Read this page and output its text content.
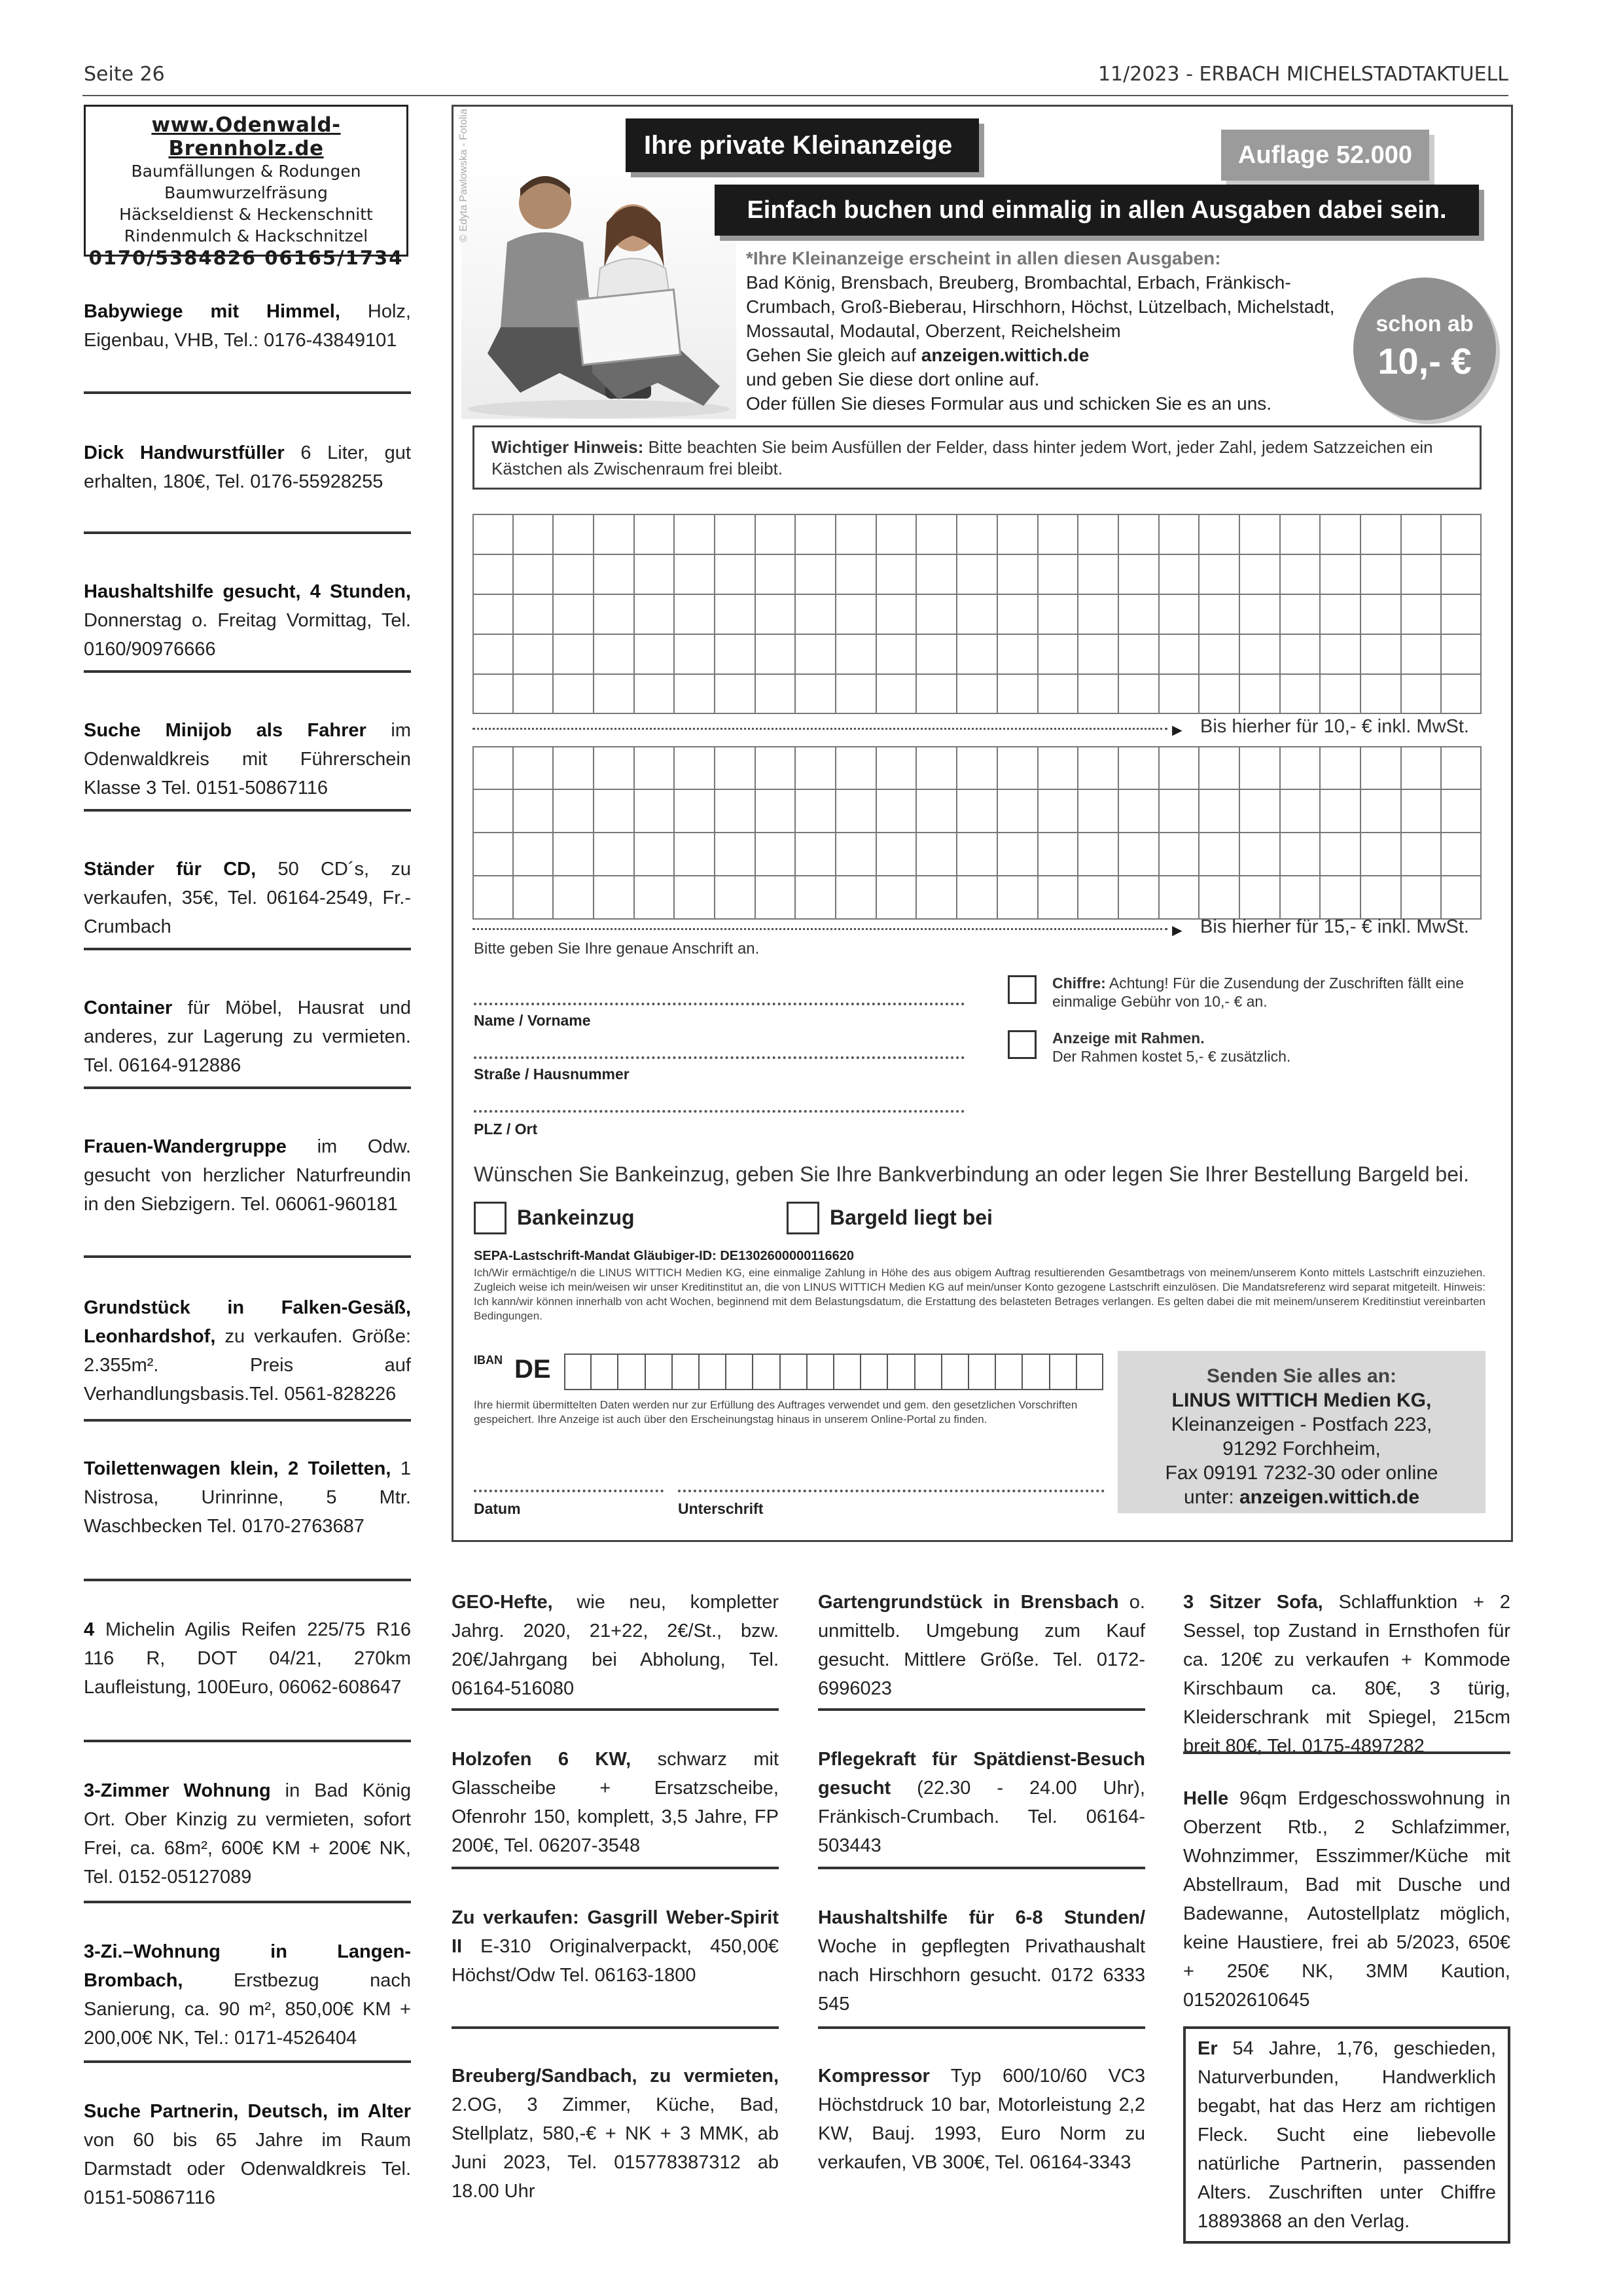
Seite 26	11/2023 - ERBACH MICHELSTADTAKTUELL
www.Odenwald-Brennholz.de
Baumfällungen & Rodungen
Baumwurzelfräsung
Häckseldienst & Heckenschnitt
Rindenmulch & Hackschnitzel
0170/5384826 06165/1734
Babywiege mit Himmel, Holz, Eigenbau, VHB, Tel.: 0176-43849101
Dick Handwurstfüller 6 Liter, gut erhalten, 180€, Tel. 0176-55928255
Haushaltshilfe gesucht, 4 Stunden, Donnerstag o. Freitag Vormittag, Tel. 0160/90976666
Suche Minijob als Fahrer im Odenwaldkreis mit Führerschein Klasse 3 Tel. 0151-50867116
Ständer für CD, 50 CD´s, zu verkaufen, 35€, Tel. 06164-2549, Fr.-Crumbach
Container für Möbel, Hausrat und anderes, zur Lagerung zu vermieten. Tel. 06164-912886
Frauen-Wandergruppe im Odw. gesucht von herzlicher Naturfreundin in den Siebzigern. Tel. 06061-960181
Grundstück in Falken-Gesäß, Leonhardshof, zu verkaufen. Größe: 2.355m². Preis auf Verhandlungsbasis.Tel. 0561-828226
Toilettenwagen klein, 2 Toiletten, 1 Nistrosa, Urinrinne, 5 Mtr. Waschbecken Tel. 0170-2763687
4 Michelin Agilis Reifen 225/75 R16 116 R, DOT 04/21, 270km Laufleistung, 100Euro, 06062-608647
3-Zimmer Wohnung in Bad König Ort. Ober Kinzig zu vermieten, sofort Frei, ca. 68m², 600€ KM + 200€ NK, Tel. 0152-05127089
3-Zi.–Wohnung in Langen-Brombach, Erstbezug nach Sanierung, ca. 90 m², 850,00€ KM + 200,00€ NK, Tel.: 0171-4526404
Suche Partnerin, Deutsch, im Alter von 60 bis 65 Jahre im Raum Darmstadt oder Odenwaldkreis Tel. 0151-50867116
© Edyta Pawlowska - Fotolia	Ihre private Kleinanzeige	Auflage 52.000
Einfach buchen und einmalig in allen Ausgaben dabei sein.
*Ihre Kleinanzeige erscheint in allen diesen Ausgaben:
Bad König, Brensbach, Breuberg, Brombachtal, Erbach, Fränkisch-Crumbach, Groß-Bieberau, Hirschhorn, Höchst, Lützelbach, Michelstadt, Mossautal, Modautal, Oberzent, Reichelsheim
Gehen Sie gleich auf anzeigen.wittich.de
und geben Sie diese dort online auf.
Oder füllen Sie dieses Formular aus und schicken Sie es an uns.
schon ab
10,- €
Wichtiger Hinweis: Bitte beachten Sie beim Ausfüllen der Felder, dass hinter jedem Wort, jeder Zahl, jedem Satzzeichen ein Kästchen als Zwischenraum frei bleibt.
► Bis hierher für 10,- € inkl. MwSt.
► Bis hierher für 15,- € inkl. MwSt.
Bitte geben Sie Ihre genaue Anschrift an.
Name / Vorname
Straße / Hausnummer
PLZ / Ort
Chiffre: Achtung! Für die Zusendung der Zuschriften fällt eine einmalige Gebühr von 10,- € an.
Anzeige mit Rahmen.
Der Rahmen kostet 5,- € zusätzlich.
Wünschen Sie Bankeinzug, geben Sie Ihre Bankverbindung an oder legen Sie Ihrer Bestellung Bargeld bei.
Bankeinzug	Bargeld liegt bei
SEPA-Lastschrift-Mandat Gläubiger-ID: DE1302600000116620
Ich/Wir ermächtige/n die LINUS WITTICH Medien KG, eine einmalige Zahlung in Höhe des aus obigem Auftrag resultierenden Gesamtbetrags von meinem/unserem Konto mittels Lastschrift einzuziehen. Zugleich weise ich mein/weisen wir unser Kreditinstitut an, die von LINUS WITTICH Medien KG auf mein/unser Konto gezogene Lastschrift einzulösen. Die Mandatsreferenz wird separat mitgeteilt. Hinweis: Ich kann/wir können innerhalb von acht Wochen, beginnend mit dem Belastungsdatum, die Erstattung des belasteten Betrages verlangen. Es gelten dabei die mit meinem/unserem Kreditinstiut vereinbarten Bedingungen.
IBAN DE
Ihre hiermit übermittelten Daten werden nur zur Erfüllung des Auftrages verwendet und gem. den gesetzlichen Vorschriften gespeichert. Ihre Anzeige ist auch über den Erscheinungstag hinaus in unserem Online-Portal zu finden.
Datum	Unterschrift
Senden Sie alles an:
LINUS WITTICH Medien KG,
Kleinanzeigen - Postfach 223,
91292 Forchheim,
Fax 09191 7232-30 oder online
unter: anzeigen.wittich.de
GEO-Hefte, wie neu, kompletter Jahrg. 2020, 21+22, 2€/St., bzw. 20€/Jahrgang bei Abholung, Tel. 06164-516080
Holzofen 6 KW, schwarz mit Glasscheibe + Ersatzscheibe, Ofenrohr 150, komplett, 3,5 Jahre, FP 200€, Tel. 06207-3548
Zu verkaufen: Gasgrill Weber-Spirit II E-310 Originalverpackt, 450,00€ Höchst/Odw Tel. 06163-1800
Breuberg/Sandbach, zu vermieten, 2.OG, 3 Zimmer, Küche, Bad, Stellplatz, 580,-€ + NK + 3 MMK, ab Juni 2023, Tel. 015778387312 ab 18.00 Uhr
Gartengrundstück in Brensbach o. unmittelb. Umgebung zum Kauf gesucht. Mittlere Größe. Tel. 0172-6996023
Pflegekraft für Spätdienst-Besuch gesucht (22.30 - 24.00 Uhr), Fränkisch-Crumbach. Tel. 06164-503443
Haushaltshilfe für 6-8 Stunden/ Woche in gepflegten Privathaushalt nach Hirschhorn gesucht. 0172 6333 545
Kompressor Typ 600/10/60 VC3 Höchstdruck 10 bar, Motorleistung 2,2 KW, Bauj. 1993, Euro Norm zu verkaufen, VB 300€, Tel. 06164-3343
3 Sitzer Sofa, Schlaffunktion + 2 Sessel, top Zustand in Ernsthofen für ca. 120€ zu verkaufen + Kommode Kirschbaum ca. 80€, 3 türig, Kleiderschrank mit Spiegel, 215cm breit 80€, Tel. 0175-4897282
Helle 96qm Erdgeschosswohnung in Oberzent Rtb., 2 Schlafzimmer, Wohnzimmer, Esszimmer/Küche mit Abstellraum, Bad mit Dusche und Badewanne, Autostellplatz möglich, keine Haustiere, frei ab 5/2023, 650€ + 250€ NK, 3MM Kaution, 015202610645
Er 54 Jahre, 1,76, geschieden, Naturverbunden, Handwerklich begabt, hat das Herz am richtigen Fleck. Sucht eine liebevolle natürliche Partnerin, passenden Alters. Zuschriften unter Chiffre 18893868 an den Verlag.
